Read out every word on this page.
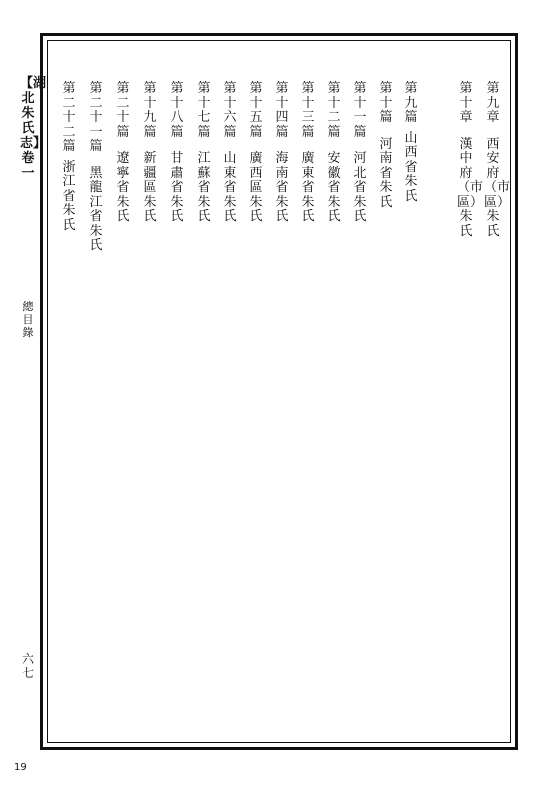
【湖北朱氏志】卷一
總目錄
六七
19
第九章
西安府（市區）朱氏
第十章
漢中府（市區）朱氏
第九篇
山西省朱氏
第十篇
河南省朱氏
第十一篇
河北省朱氏
第十二篇
安徽省朱氏
第十三篇
廣東省朱氏
第十四篇
海南省朱氏
第十五篇
廣西區朱氏
第十六篇
山東省朱氏
第十七篇
江蘇省朱氏
第十八篇
甘肅省朱氏
第十九篇
新疆區朱氏
第二十篇
遼寧省朱氏
第二十一篇
黑龍江省朱氏
第二十二篇
浙江省朱氏
